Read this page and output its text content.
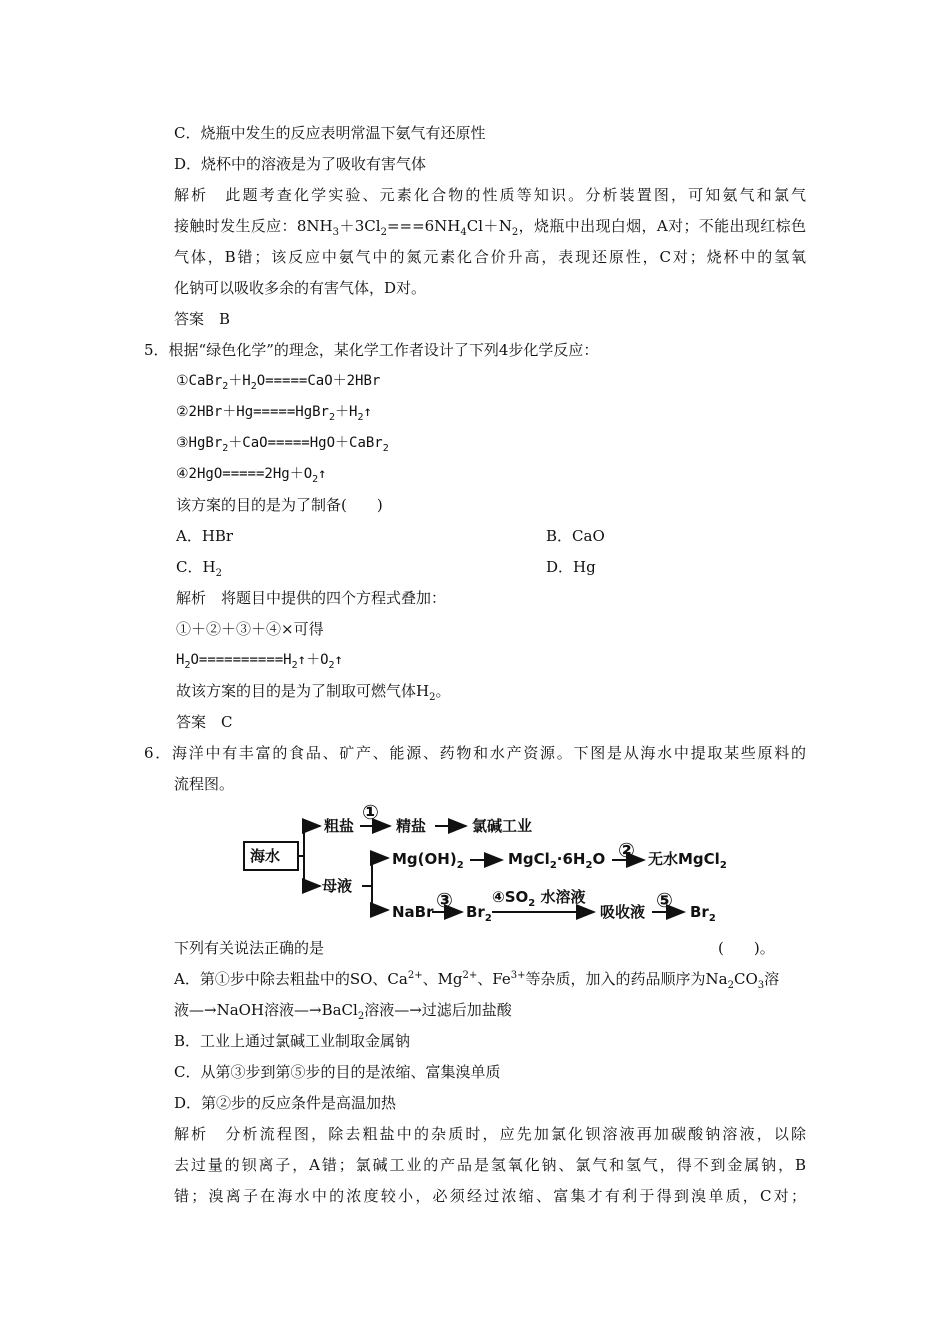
C．烧瓶中发生的反应表明常温下氨气有还原性
D．烧杯中的溶液是为了吸收有害气体
解析　此题考查化学实验、元素化合物的性质等知识。分析装置图，可知氨气和氯气
接触时发生反应：$8NH_3+3Cl_2===6NH_4Cl+N_2$，烧瓶中出现白烟，A对；不能出现红棕色
气体，B错；该反应中氨气中的氮元素化合价升高，表现还原性，C对；烧杯中的氢氧
化钠可以吸收多余的有害气体，D对。
答案　B
5．根据“绿色化学”的理念，某化学工作者设计了下列4步化学反应：
$①CaBr_2+H_2O=====CaO+2HBr$
$②2HBr+Hg=====HgBr_2+H_2↑$
③HgBr$_2$＋CaO=====HgO＋CaBr$_2$
$④2HgO=====2Hg+O_2↑$
该方案的目的是为了制备(　　)
A．HBr	B．CaO
C．$H_2$	D．Hg
解析　将题目中提供的四个方程式叠加：
①＋②＋③＋④×可得
$H_2O==========H_2↑+O_2↑$
故该方案的目的是为了制取可燃气体$H_2$。
答案　C
6．海洋中有丰富的食品、矿产、能源、药物和水产资源。下图是从海水中提取某些原料的
流程图。
海水
粗盐
①
精盐	氯碱工业
母液
$Mg(OH)_2$	$MgCl_2\cdot 6H_2O$ ② 无水MgCl$_2$
NaBr ③ $Br_2$
$④SO_2$ 水溶液
吸收液 ⑤ $Br_2$
下列有关说法正确的是	(　　)。
A．第①步中除去粗盐中的SO、$Ca^{2+}$、$Mg^{2+}$、$Fe^{3+}$等杂质，加入的药品顺序为$Na_2CO_3$溶
液—→NaOH溶液—→BaCl$_2$溶液—→过滤后加盐酸
B．工业上通过氯碱工业制取金属钠
C．从第③步到第⑤步的目的是浓缩、富集溴单质
D．第②步的反应条件是高温加热
解析　分析流程图，除去粗盐中的杂质时，应先加氯化钡溶液再加碳酸钠溶液，以除
去过量的钡离子，A错；氯碱工业的产品是氢氧化钠、氯气和氢气，得不到金属钠，B
错；溴离子在海水中的浓度较小，必须经过浓缩、富集才有利于得到溴单质，C对；
